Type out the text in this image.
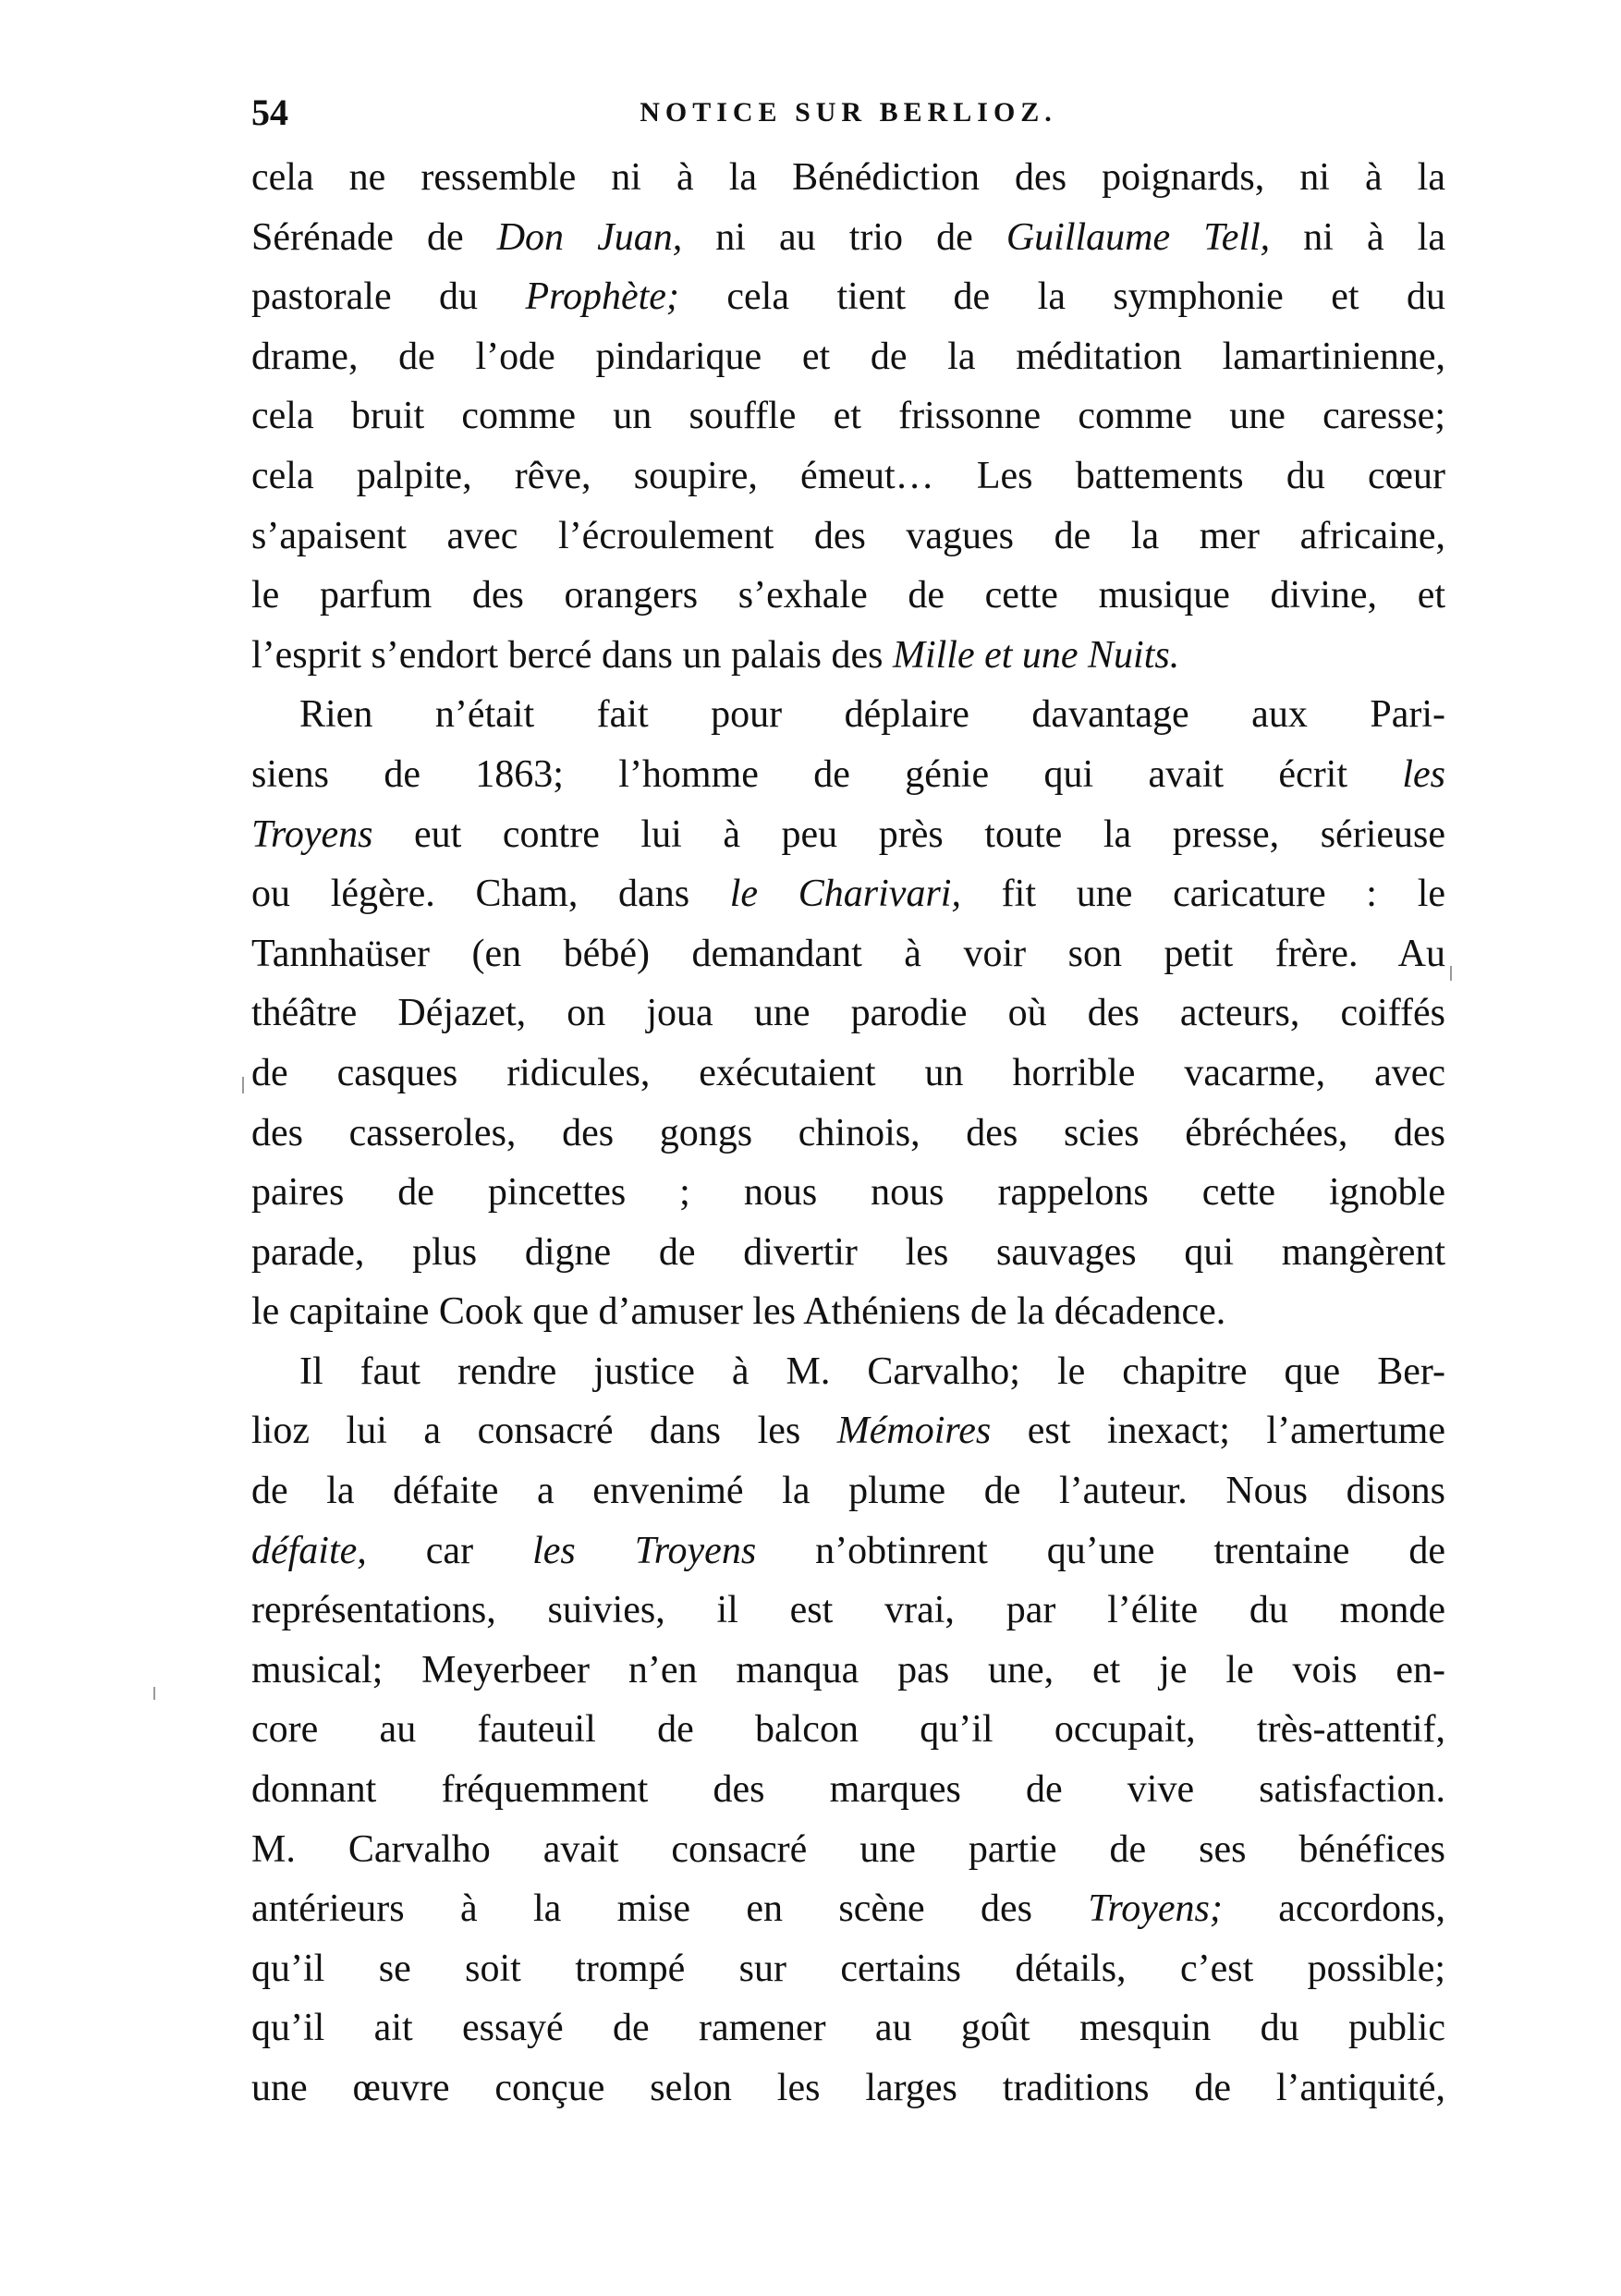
54	NOTICE SUR BERLIOZ.
cela ne ressemble ni à la Bénédiction des poignards, ni à la
Sérénade de Don Juan, ni au trio de Guillaume Tell, ni à la
pastorale du Prophète; cela tient de la symphonie et du
drame, de l’ode pindarique et de la méditation lamartinienne,
cela bruit comme un souffle et frissonne comme une caresse;
cela palpite, rêve, soupire, émeut… Les battements du cœur
s’apaisent avec l’écroulement des vagues de la mer africaine,
le parfum des orangers s’exhale de cette musique divine, et
l’esprit s’endort bercé dans un palais des Mille et une Nuits.
Rien n’était fait pour déplaire davantage aux Pari-
siens de 1863; l’homme de génie qui avait écrit les
Troyens eut contre lui à peu près toute la presse, sérieuse
ou légère. Cham, dans le Charivari, fit une caricature : le
Tannhaüser (en bébé) demandant à voir son petit frère. Au
théâtre Déjazet, on joua une parodie où des acteurs, coiffés
de casques ridicules, exécutaient un horrible vacarme, avec
des casseroles, des gongs chinois, des scies ébréchées, des
paires de pincettes ; nous nous rappelons cette ignoble
parade, plus digne de divertir les sauvages qui mangèrent
le capitaine Cook que d’amuser les Athéniens de la décadence.
Il faut rendre justice à M. Carvalho; le chapitre que Ber-
lioz lui a consacré dans les Mémoires est inexact; l’amertume
de la défaite a envenimé la plume de l’auteur. Nous disons
défaite, car les Troyens n’obtinrent qu’une trentaine de
représentations, suivies, il est vrai, par l’élite du monde
musical; Meyerbeer n’en manqua pas une, et je le vois en-
core au fauteuil de balcon qu’il occupait, très-attentif,
donnant fréquemment des marques de vive satisfaction.
M. Carvalho avait consacré une partie de ses bénéfices
antérieurs à la mise en scène des Troyens; accordons,
qu’il se soit trompé sur certains détails, c’est possible;
qu’il ait essayé de ramener au goût mesquin du public
une œuvre conçue selon les larges traditions de l’antiquité,
